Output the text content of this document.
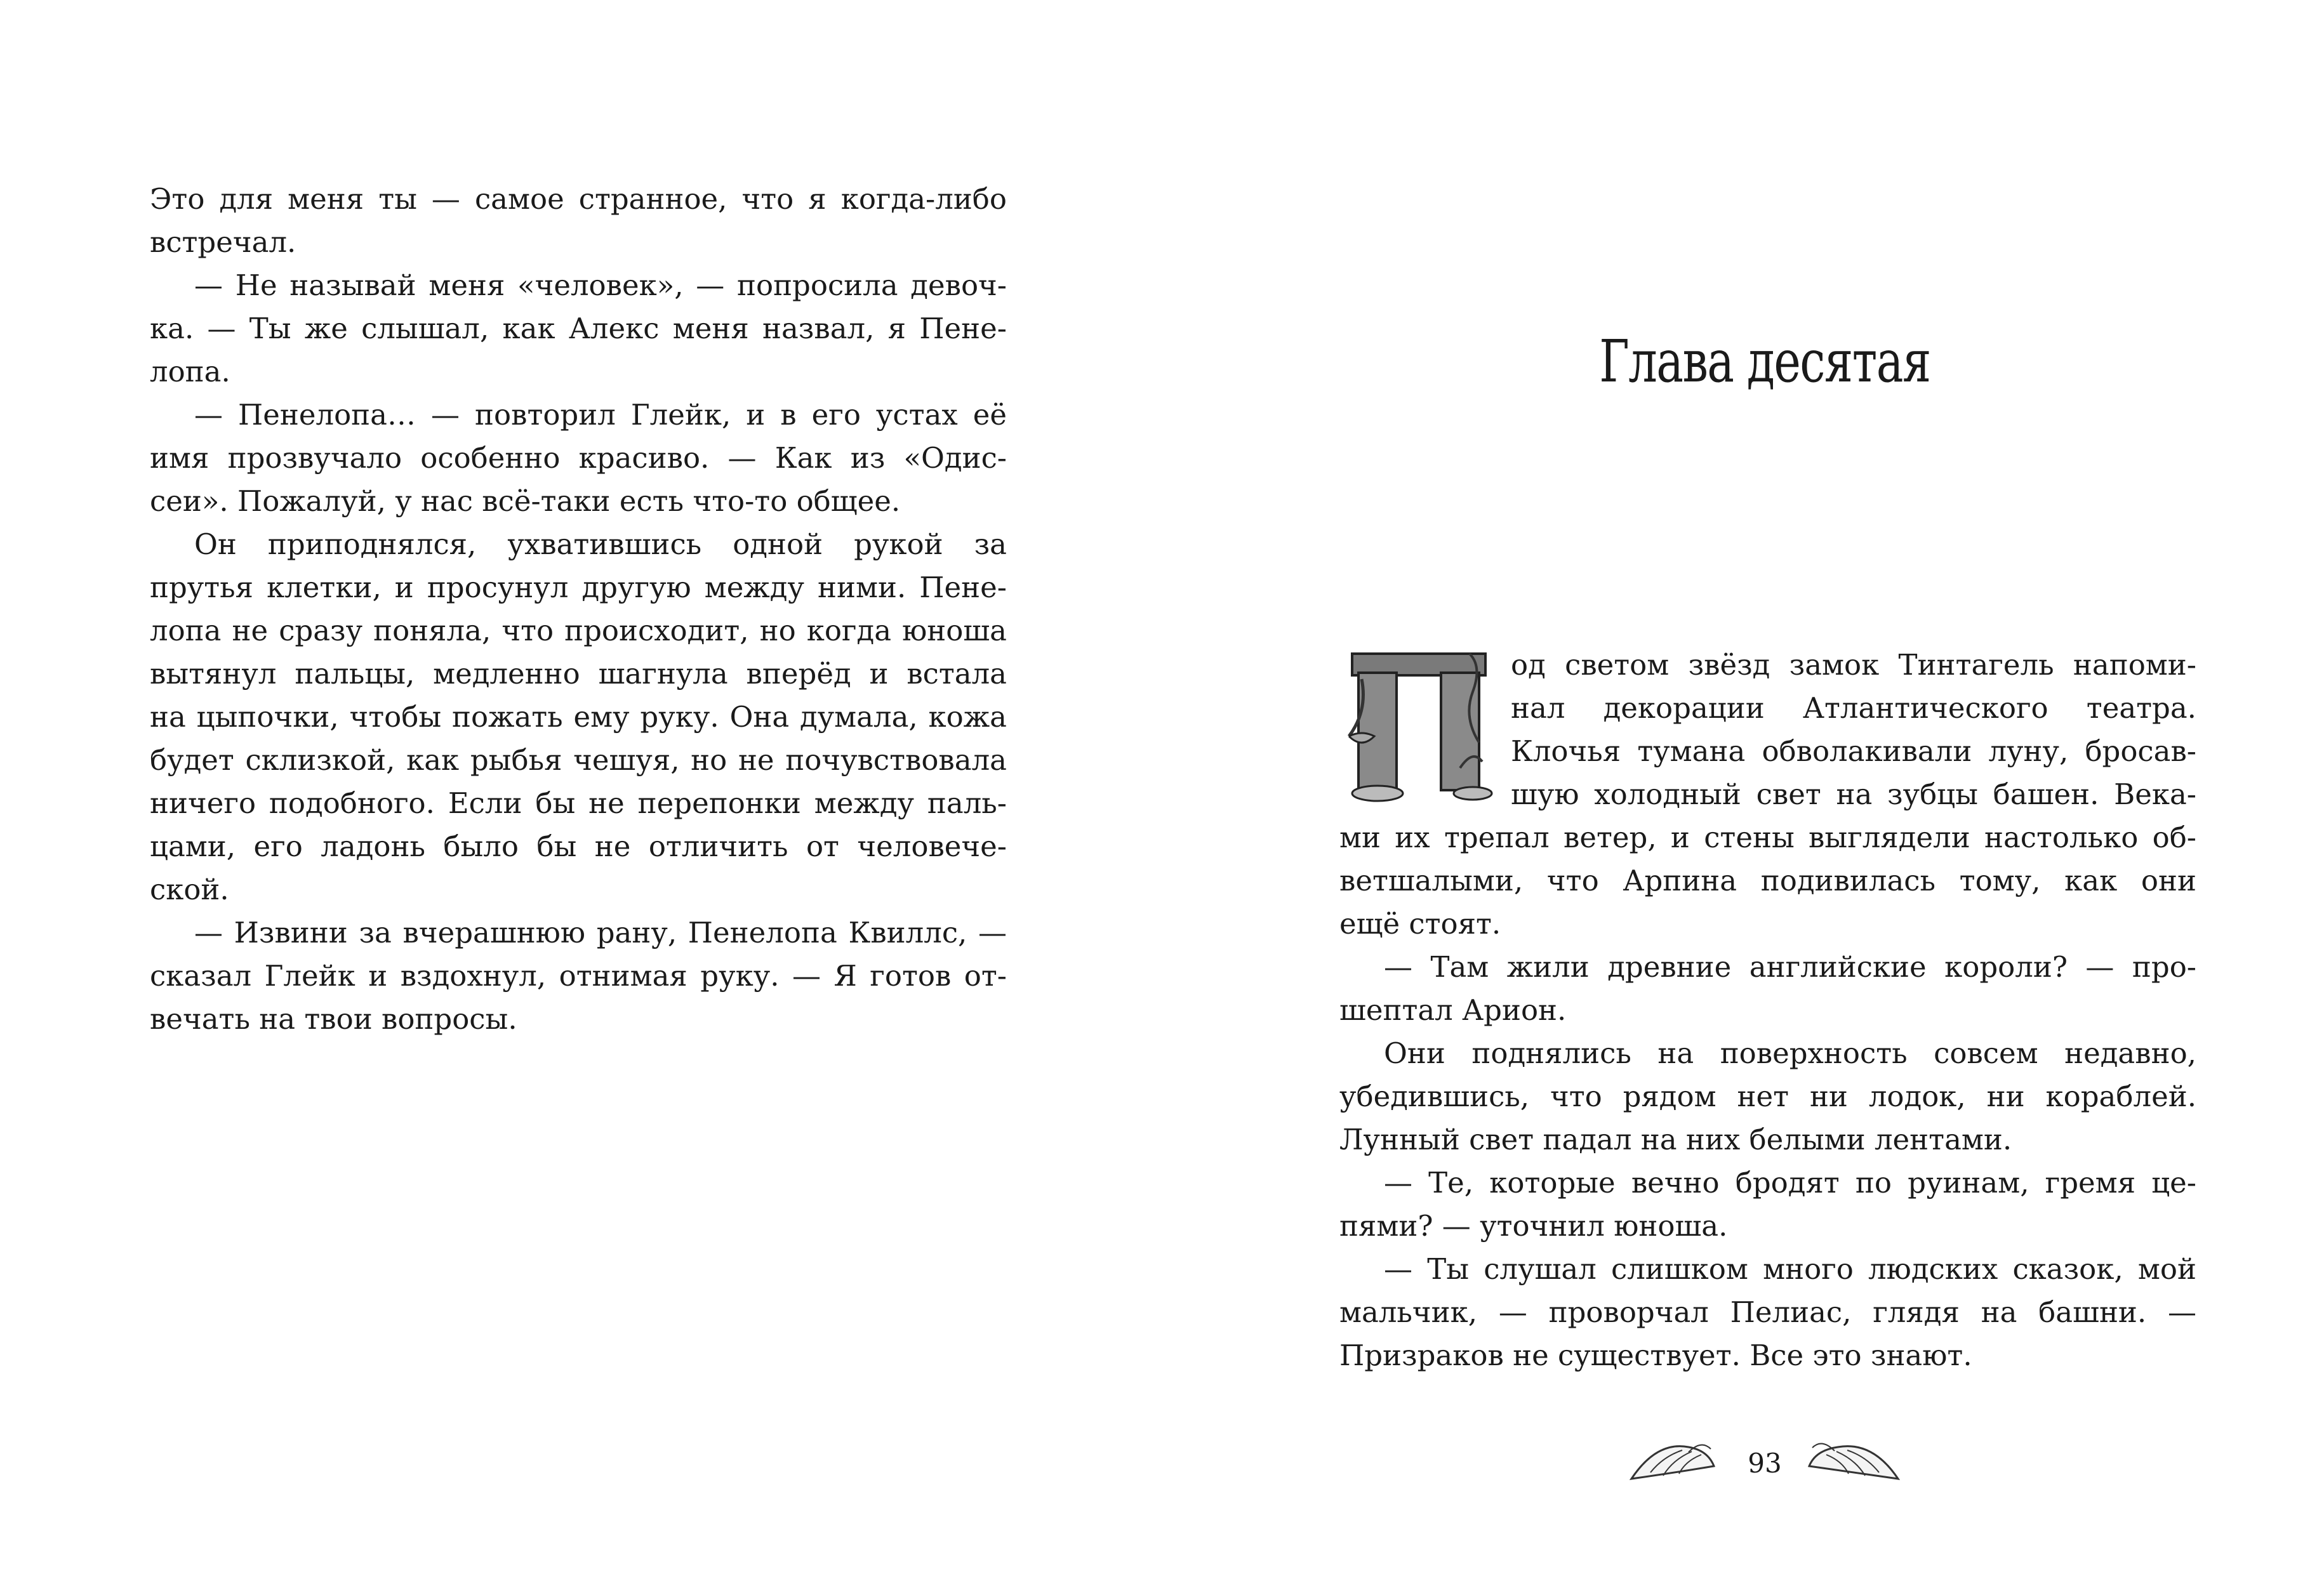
Это для меня ты — самое странное, что я когда-либо
встречал.
— Не называй меня «человек», — попросила девоч-
ка. — Ты же слышал, как Алекс меня назвал, я Пене-
лопа.
— Пенелопа… — повторил Глейк, и в его устах её
имя прозвучало особенно красиво. — Как из «Одис-
сеи». Пожалуй, у нас всё-таки есть что-то общее.
Он приподнялся, ухватившись одной рукой за
прутья клетки, и просунул другую между ними. Пене-
лопа не сразу поняла, что происходит, но когда юноша
вытянул пальцы, медленно шагнула вперёд и встала
на цыпочки, чтобы пожать ему руку. Она думала, кожа
будет склизкой, как рыбья чешуя, но не почувствовала
ничего подобного. Если бы не перепонки между паль-
цами, его ладонь было бы не отличить от человече-
ской.
— Извини за вчерашнюю рану, Пенелопа Квиллс, —
сказал Глейк и вздохнул, отнимая руку. — Я готов от-
вечать на твои вопросы.
Глава десятая
од светом звёзд замок Тинтагель напоми-
нал декорации Атлантического театра.
Клочья тумана обволакивали луну, бросав-
шую холодный свет на зубцы башен. Века-
ми их трепал ветер, и стены выглядели настолько об-
ветшалыми, что Арпина подивилась тому, как они
ещё стоят.
— Там жили древние английские короли? — про-
шептал Арион.
Они поднялись на поверхность совсем недавно,
убедившись, что рядом нет ни лодок, ни кораблей.
Лунный свет падал на них белыми лентами.
— Те, которые вечно бродят по руинам, гремя це-
пями? — уточнил юноша.
— Ты слушал слишком много людских сказок, мой
мальчик, — проворчал Пелиас, глядя на башни. —
Призраков не существует. Все это знают.
93
